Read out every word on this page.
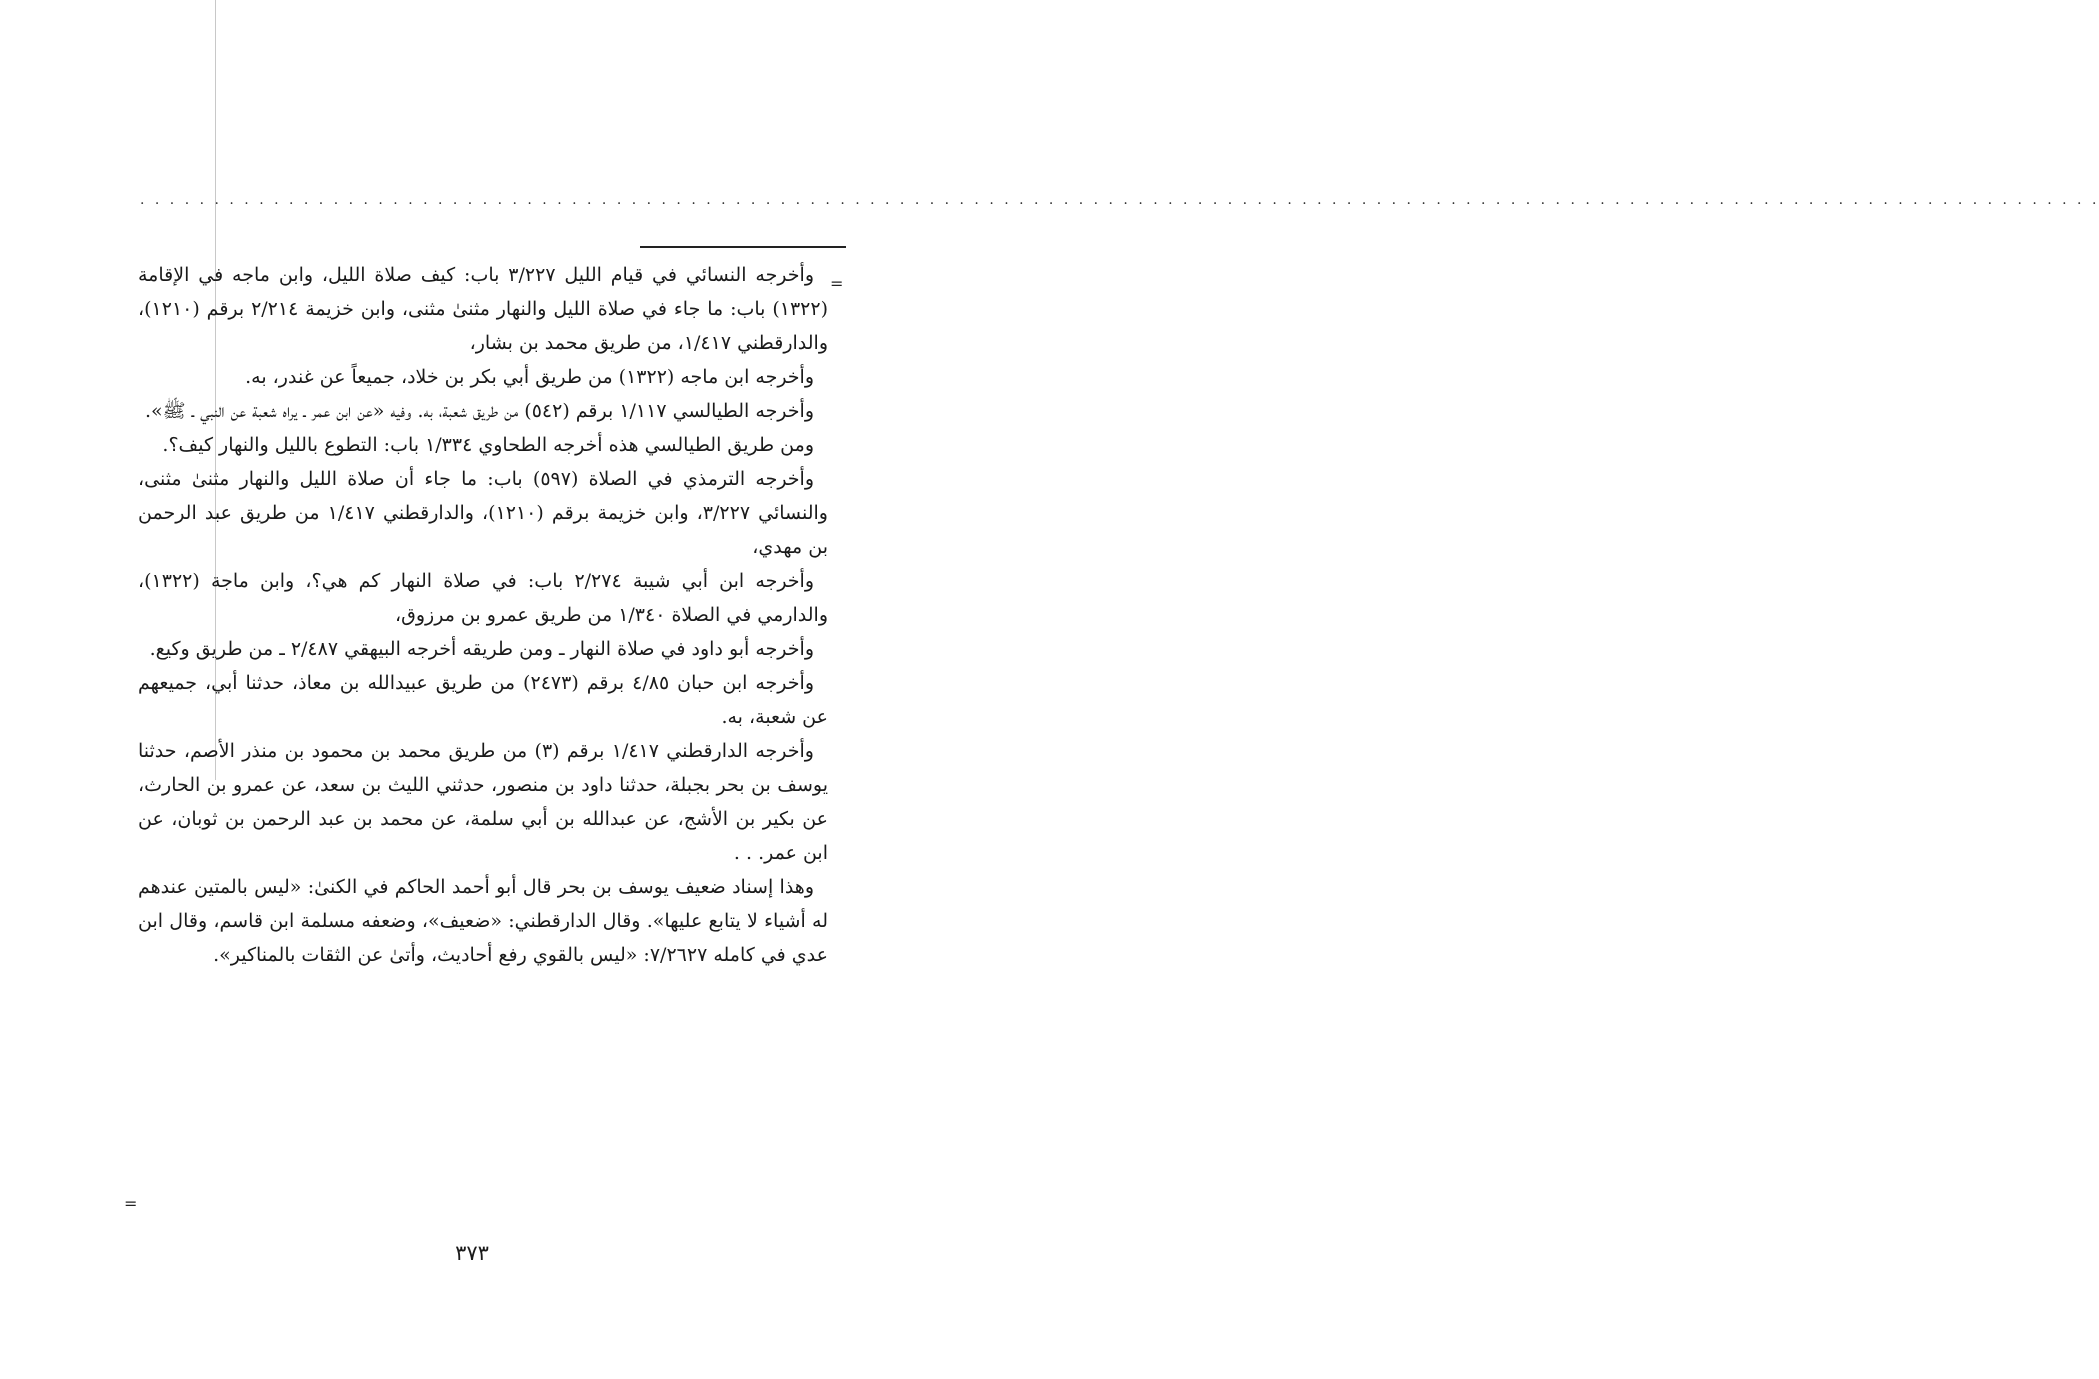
· · · · · · · · · · · · · · · · · · · · · · · · · · · · · · · · · · · · · · · · · · · · · · · · · · · · · · · · · · · · · · · · · · · · · · · · · · · · · · · · · · · · · · · · · · · · · · · · · · · · · · · · · · · · · · · · · · · · · · · · · · · · · · · · · · · ·
=

وأخرجه النسائي في قيام الليل ٣/٢٢٧ باب: كيف صلاة الليل، وابن ماجه في الإقامة (١٣٢٢) باب: ما جاء في صلاة الليل والنهار مثنىٰ مثنى، وابن خزيمة ٢/٢١٤ برقم (١٢١٠)، والدارقطني ١/٤١٧، من طريق محمد بن بشار،

وأخرجه ابن ماجه (١٣٢٢) من طريق أبي بكر بن خلاد، جميعاً عن غندر، به.

وأخرجه الطيالسي ١/١١٧ برقم (٥٤٢) من طريق شعبة، به. وفيه «عن ابن عمر ـ يراه شعبة عن النبي ـ ﷺ».

ومن طريق الطيالسي هذه أخرجه الطحاوي ١/٣٣٤ باب: التطوع بالليل والنهار كيف؟.

وأخرجه الترمذي في الصلاة (٥٩٧) باب: ما جاء أن صلاة الليل والنهار مثنىٰ مثنى، والنسائي ٣/٢٢٧، وابن خزيمة برقم (١٢١٠)، والدارقطني ١/٤١٧ من طريق عبد الرحمن بن مهدي،

وأخرجه ابن أبي شيبة ٢/٢٧٤ باب: في صلاة النهار كم هي؟، وابن ماجة (١٣٢٢)، والدارمي في الصلاة ١/٣٤٠ من طريق عمرو بن مرزوق،

وأخرجه أبو داود في صلاة النهار ـ ومن طريقه أخرجه البيهقي ٢/٤٨٧ ـ من طريق وكيع.

وأخرجه ابن حبان ٤/٨٥ برقم (٢٤٧٣) من طريق عبيدالله بن معاذ، حدثنا أبي، جميعهم عن شعبة، به.

وأخرجه الدارقطني ١/٤١٧ برقم (٣) من طريق محمد بن محمود بن منذر الأصم، حدثنا يوسف بن بحر بجبلة، حدثنا داود بن منصور، حدثني الليث بن سعد، عن عمرو بن الحارث، عن بكير بن الأشج، عن عبدالله بن أبي سلمة، عن محمد بن عبد الرحمن بن ثوبان، عن ابن عمر. . .

وهذا إسناد ضعيف يوسف بن بحر قال أبو أحمد الحاكم في الكنىٰ: «ليس بالمتين عندهم له أشياء لا يتابع عليها». وقال الدارقطني: «ضعيف»، وضعفه مسلمة ابن قاسم، وقال ابن عدي في كامله ٧/٢٦٢٧: «ليس بالقوي رفع أحاديث، وأتىٰ عن الثقات بالمناكير».

=
٣٧٣
